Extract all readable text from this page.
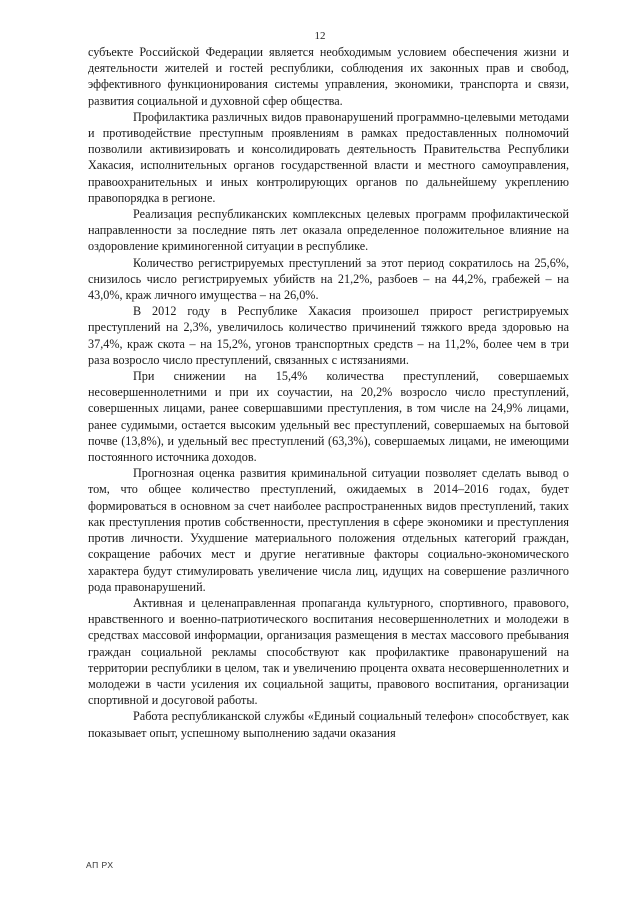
12

субъекте Российской Федерации является необходимым условием обеспечения жизни и деятельности жителей и гостей республики, соблюдения их законных прав и свобод, эффективного функционирования системы управления, экономики, транспорта и связи, развития социальной и духовной сфер общества.

Профилактика различных видов правонарушений программно-целевыми методами и противодействие преступным проявлениям в рамках предоставленных полномочий позволили активизировать и консолидировать деятельность Правительства Республики Хакасия, исполнительных органов государственной власти и местного самоуправления, правоохранительных и иных контролирующих органов по дальнейшему укреплению правопорядка в регионе.

Реализация республиканских комплексных целевых программ профилактической направленности за последние пять лет оказала определенное положительное влияние на оздоровление криминогенной ситуации в республике.

Количество регистрируемых преступлений за этот период сократилось на 25,6%, снизилось число регистрируемых убийств на 21,2%, разбоев – на 44,2%, грабежей – на 43,0%, краж личного имущества – на 26,0%.

В 2012 году в Республике Хакасия произошел прирост регистрируемых преступлений на 2,3%, увеличилось количество причинений тяжкого вреда здоровью на 37,4%, краж скота – на 15,2%, угонов транспортных средств – на 11,2%, более чем в три раза возросло число преступлений, связанных с истязаниями.

При снижении на 15,4% количества преступлений, совершаемых несовершеннолетними и при их соучастии, на 20,2% возросло число преступлений, совершенных лицами, ранее совершавшими преступления, в том числе на 24,9% лицами, ранее судимыми, остается высоким удельный вес преступлений, совершаемых на бытовой почве (13,8%), и удельный вес преступлений (63,3%), совершаемых лицами, не имеющими постоянного источника доходов.

Прогнозная оценка развития криминальной ситуации позволяет сделать вывод о том, что общее количество преступлений, ожидаемых в 2014–2016 годах, будет формироваться в основном за счет наиболее распространенных видов преступлений, таких как преступления против собственности, преступления в сфере экономики и преступления против личности. Ухудшение материального положения отдельных категорий граждан, сокращение рабочих мест и другие негативные факторы социально-экономического характера будут стимулировать увеличение числа лиц, идущих на совершение различного рода правонарушений.

Активная и целенаправленная пропаганда культурного, спортивного, правового, нравственного и военно-патриотического воспитания несовершеннолетних и молодежи в средствах массовой информации, организация размещения в местах массового пребывания граждан социальной рекламы способствуют как профилактике правонарушений на территории республики в целом, так и увеличению процента охвата несовершеннолетних и молодежи в части усиления их социальной защиты, правового воспитания, организации спортивной и досуговой работы.

Работа республиканской службы «Единый социальный телефон» способствует, как показывает опыт, успешному выполнению задачи оказания

АП РХ
